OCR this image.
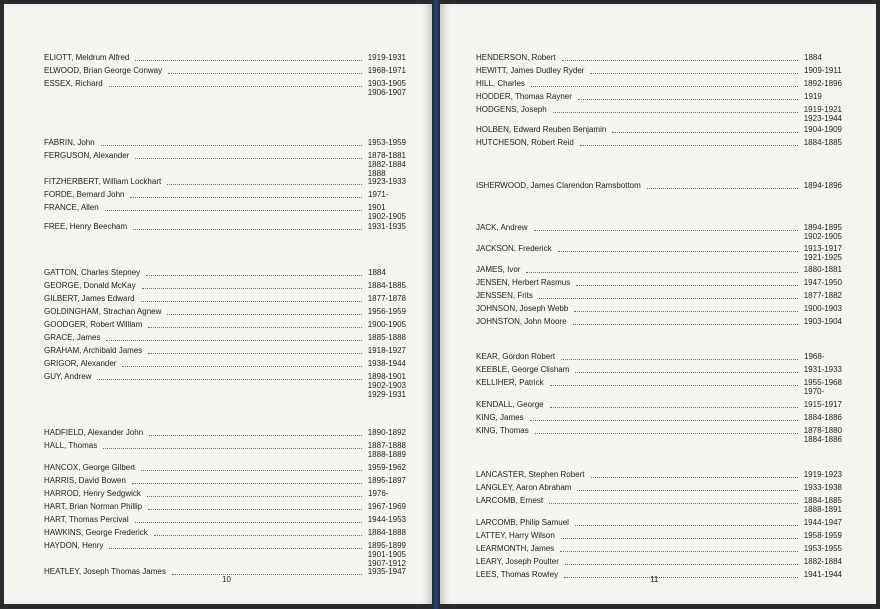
ELIOTT, Meldrum Alfred	1919-1931
ELWOOD, Brian George Conway	1968-1971
ESSEX, Richard	1903-1905
1906-1907
FABRIN, John	1953-1959
FERGUSON, Alexander	1878-1881
1882-1884
1888
FITZHERBERT, William Lockhart	1923-1933
FORDE, Bernard John	1971-
FRANCE, Allen	1901
1902-1905
FREE, Henry Beecham	1931-1935
GATTON, Charles Stepney	1884
GEORGE, Donald McKay	1884-1885
GILBERT, James Edward	1877-1878
GOLDINGHAM, Strachan Agnew	1956-1959
GOODGER, Robert William	1900-1905
GRACE, James	1885-1888
GRAHAM, Archibald James	1918-1927
GRIGOR, Alexander	1938-1944
GUY, Andrew	1898-1901
1902-1903
1929-1931
HADFIELD, Alexander John	1890-1892
HALL, Thomas	1887-1888
1888-1889
HANCOX, George Gilbert	1959-1962
HARRIS, David Bowen	1895-1897
HARROD, Henry Sedgwick	1976-
HART, Brian Norman Phillip	1967-1969
HART, Thomas Percival	1944-1953
HAWKINS, George Frederick	1884-1888
HAYDON, Henry	1895-1899
1901-1905
1907-1912
HEATLEY, Joseph Thomas James	1935-1947
10
HENDERSON, Robert	1884
HEWITT, James Dudley Ryder	1909-1911
HILL, Charles	1892-1896
HODDER, Thomas Rayner	1919
HODGENS, Joseph	1919-1921
1923-1944
HOLBEN, Edward Reuben Benjamin	1904-1909
HUTCHESON, Robert Reid	1884-1885
ISHERWOOD, James Clarendon Ramsbottom	1894-1896
JACK, Andrew	1894-1895
1902-1905
JACKSON, Frederick	1913-1917
1921-1925
JAMES, Ivor	1880-1881
JENSEN, Herbert Rasmus	1947-1950
JENSSEN, Frits	1877-1882
JOHNSON, Joseph Webb	1900-1903
JOHNSTON, John Moore	1903-1904
KEAR, Gordon Robert	1968-
KEEBLE, George Clisham	1931-1933
KELLIHER, Patrick	1955-1968
1970-
KENDALL, George	1915-1917
KING, James	1884-1886
KING, Thomas	1878-1880
1884-1886
LANCASTER, Stephen Robert	1919-1923
LANGLEY, Aaron Abraham	1933-1938
LARCOMB, Ernest	1884-1885
1888-1891
LARCOMB, Philip Samuel	1944-1947
LATTEY, Harry Wilson	1958-1959
LEARMONTH, James	1953-1955
LEARY, Joseph Poulter	1882-1884
LEES, Thomas Rowley	1941-1944
11
